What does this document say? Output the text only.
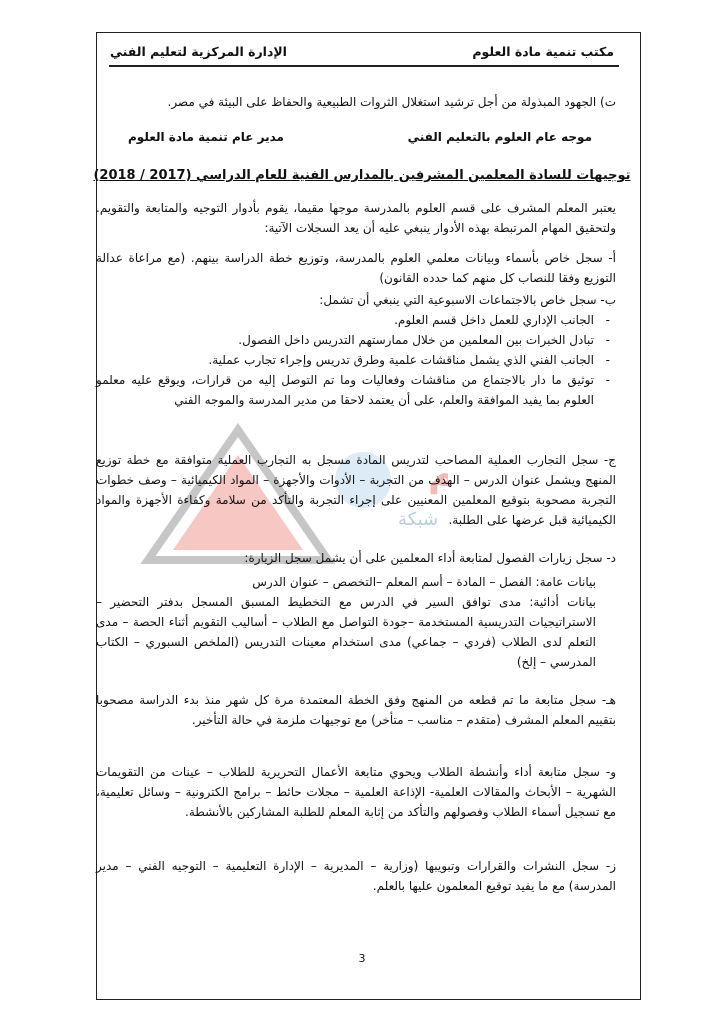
مكتب تنمية مادة العلوم
الإدارة المركزية لتعليم الفني
ت) الجهود المبذولة من أجل ترشيد استغلال الثروات الطبيعية والحفاظ على البيئة في مصر.
موجه عام العلوم بالتعليم الفني
مدير عام تنمية مادة العلوم
توجيهات للسادة المعلمين المشرفين بالمدارس الفنية للعام الدراسي (2017 / 2018)
يعتبر المعلم المشرف على قسم العلوم بالمدرسة موجها مقيما، يقوم بأدوار التوجيه والمتابعة والتقويم. ولتحقيق المهام المرتبطة بهذه الأدوار ينبغي عليه أن يعد السجلات الآتية:
أ- سجل خاص بأسماء وبيانات معلمي العلوم بالمدرسة، وتوزيع خطة الدراسة بينهم. (مع مراعاة عدالة التوزيع وفقا للنصاب كل منهم كما حدده القانون)
ب- سجل خاص بالاجتماعات الاسبوعية التي ينبغي أن تشمل:
- الجانب الإداري للعمل داخل قسم العلوم.
- تبادل الخبرات بين المعلمين من خلال ممارستهم التدريس داخل الفصول.
- الجانب الفني الذي يشمل مناقشات علمية وطرق تدريس وإجراء تجارب عملية.
- توثيق ما دار بالاجتماع من مناقشات وفعاليات وما تم التوصل إليه من قرارات، ويوقع عليه معلمو العلوم بما يفيد الموافقة والعلم، على أن يعتمد لاحقا من مدير المدرسة والموجه الفني
م
شبكة
ج- سجل التجارب العملية المصاحب لتدريس المادة مسجل به التجارب العملية متوافقة مع خطة توزيع المنهج ويشمل عنوان الدرس – الهدف من التجربة – الأدوات والأجهزة – المواد الكيميائية – وصف خطوات التجربة مصحوبة بتوقيع المعلمين المعنيين على إجراء التجربة والتأكد من سلامة وكفاءة الأجهزة والمواد الكيميائية قبل عرضها على الطلبة.
د- سجل زيارات الفصول لمتابعة أداء المعلمين على أن يشمل سجل الزيارة:
بيانات عامة: الفصل – المادة – أسم المعلم –التخصص – عنوان الدرس
بيانات أدائية: مدى توافق السير في الدرس مع التخطيط المسبق المسجل بدفتر التحضير –الاستراتيجيات التدريسية المستخدمة –جودة التواصل مع الطلاب – أساليب التقويم أثناء الحصة – مدى التعلم لدى الطلاب (فردي – جماعي) مدى استخدام معينات التدريس (الملخص السبوري – الكتاب المدرسي – إلخ)
هـ- سجل متابعة ما تم قطعه من المنهج وفق الخطة المعتمدة مرة كل شهر منذ بدء الدراسة مصحوبا بتقييم المعلم المشرف (متقدم – مناسب – متأخر) مع توجيهات ملزمة في حالة التأخير.
و- سجل متابعة أداء وأنشطة الطلاب ويحوي متابعة الأعمال التحريرية للطلاب – عينات من التقويمات الشهرية – الأبحاث والمقالات العلمية- الإذاعة العلمية – مجلات حائط – برامج الكترونية – وسائل تعليمية، مع تسجيل أسماء الطلاب وفصولهم والتأكد من إثابة المعلم للطلبة المشاركين بالأنشطة.
ز- سجل النشرات والقرارات وتبويبها (وزارية – المديرية – الإدارة التعليمية – التوجيه الفني – مدير المدرسة) مع ما يفيد توقيع المعلمون عليها بالعلم.
3
